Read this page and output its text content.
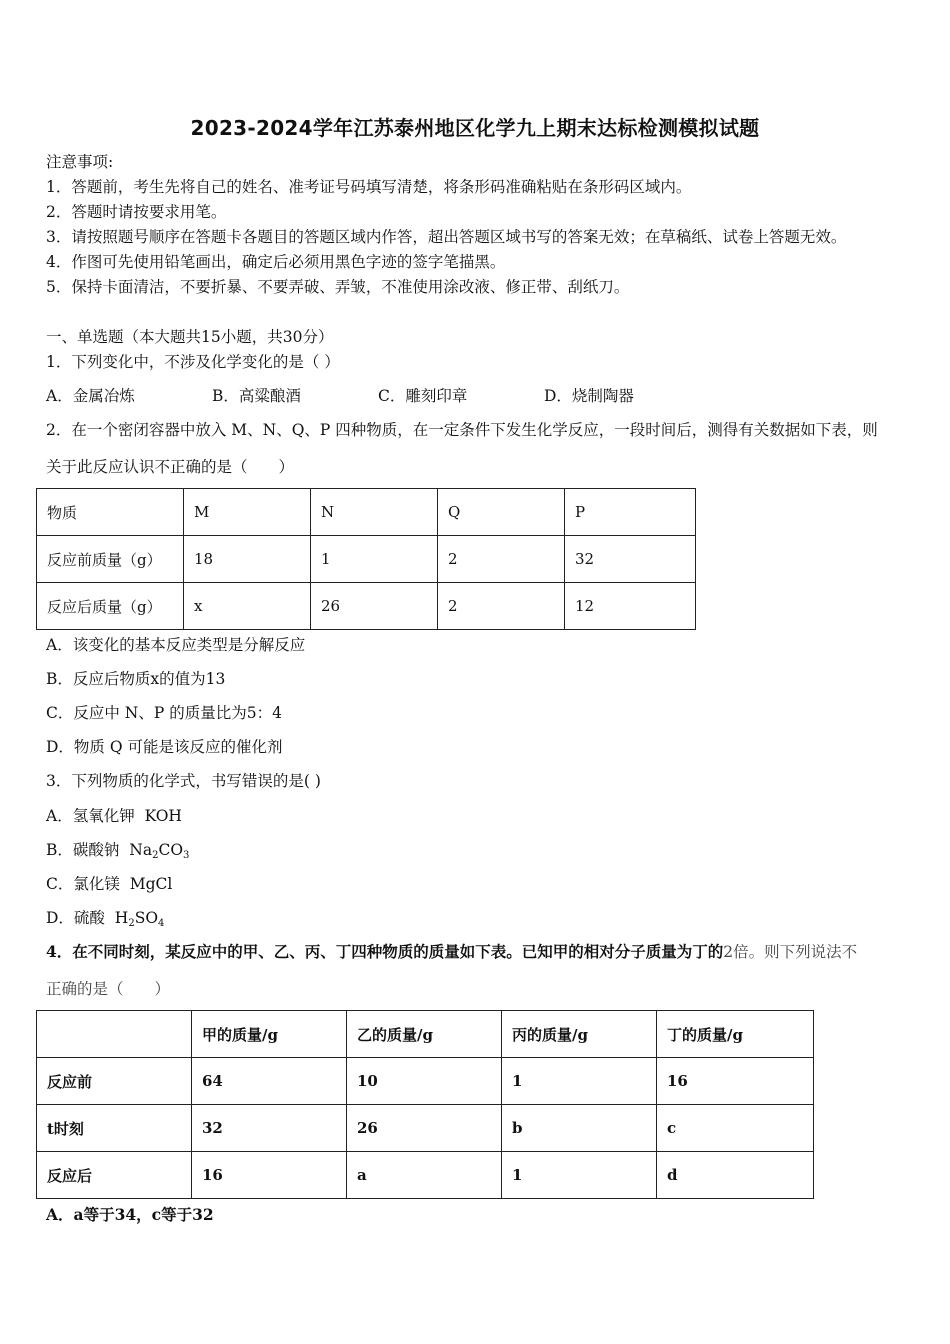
2023-2024学年江苏泰州地区化学九上期末达标检测模拟试题
注意事项:
1．答题前，考生先将自己的姓名、准考证号码填写清楚，将条形码准确粘贴在条形码区域内。
2．答题时请按要求用笔。
3．请按照题号顺序在答题卡各题目的答题区域内作答，超出答题区域书写的答案无效；在草稿纸、试卷上答题无效。
4．作图可先使用铅笔画出，确定后必须用黑色字迹的签字笔描黑。
5．保持卡面清洁，不要折暴、不要弄破、弄皱，不准使用涂改液、修正带、刮纸刀。
一、单选题（本大题共15小题，共30分）
1．下列变化中，不涉及化学变化的是（ ）
A．金属冶炼	B．高粱酿酒	C．雕刻印章	D．烧制陶器
2．在一个密闭容器中放入 M、N、Q、P 四种物质，在一定条件下发生化学反应，一段时间后，测得有关数据如下表，则
关于此反应认识不正确的是（　　）
物质	M	N	Q	P
反应前质量（g）	18	1	2	32
反应后质量（g）	x	26	2	12
A．该变化的基本反应类型是分解反应
B．反应后物质x的值为13
C．反应中 N、P 的质量比为5：4
D．物质 Q 可能是该反应的催化剂
3．下列物质的化学式，书写错误的是( )
A．氢氧化钾 KOH
B．碳酸钠 $Na_2CO_3$
C．氯化镁 MgCl
D．硫酸 $H_2SO_4$
4．在不同时刻，某反应中的甲、乙、丙、丁四种物质的质量如下表。已知甲的相对分子质量为丁的2倍。则下列说法不
正确的是（　　）
	甲的质量/g	乙的质量/g	丙的质量/g	丁的质量/g
反应前	64	10	1	16
t时刻	32	26	b	c
反应后	16	a	1	d
A．a等于34，c等于32
